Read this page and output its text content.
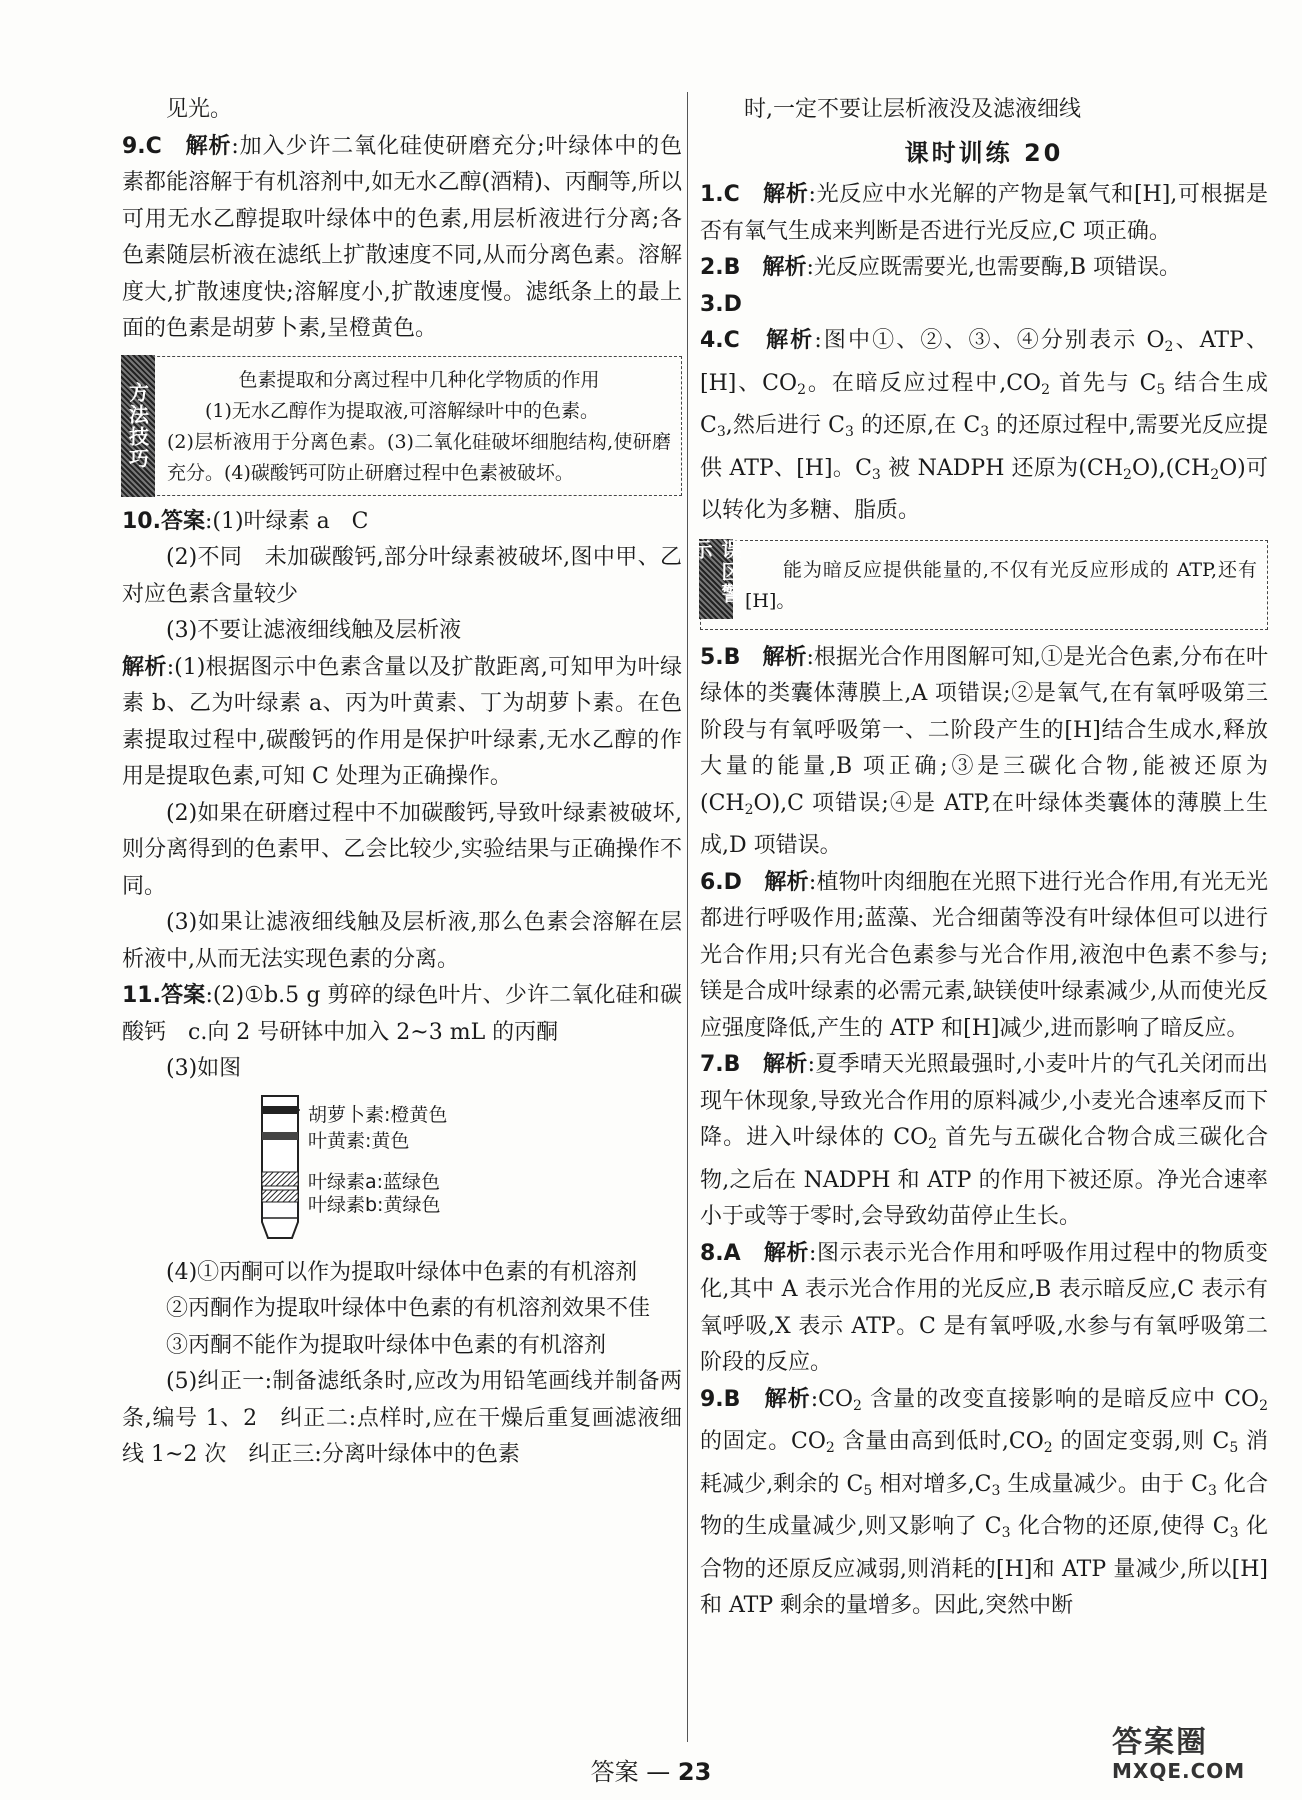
见光。

9.C　 解析:加入少许二氧化硅使研磨充分;叶绿体中的色素都能溶解于有机溶剂中,如无水乙醇(酒精)、丙酮等,所以可用无水乙醇提取叶绿体中的色素,用层析液进行分离;各色素随层析液在滤纸上扩散速度不同,从而分离色素。溶解度大,扩散速度快;溶解度小,扩散速度慢。滤纸条上的最上面的色素是胡萝卜素,呈橙黄色。

方法技巧

色素提取和分离过程中几种化学物质的作用

(1)无水乙醇作为提取液,可溶解绿叶中的色素。

(2)层析液用于分离色素。(3)二氧化硅破坏细胞结构,使研磨充分。(4)碳酸钙可防止研磨过程中色素被破坏。

10.答案:(1)叶绿素 a　C

(2)不同　未加碳酸钙,部分叶绿素被破坏,图中甲、乙对应色素含量较少

(3)不要让滤液细线触及层析液

解析:(1)根据图示中色素含量以及扩散距离,可知甲为叶绿素 b、乙为叶绿素 a、丙为叶黄素、丁为胡萝卜素。在色素提取过程中,碳酸钙的作用是保护叶绿素,无水乙醇的作用是提取色素,可知 C 处理为正确操作。

(2)如果在研磨过程中不加碳酸钙,导致叶绿素被破坏,则分离得到的色素甲、乙会比较少,实验结果与正确操作不同。

(3)如果让滤液细线触及层析液,那么色素会溶解在层析液中,从而无法实现色素的分离。

11.答案:(2)①b.5 g 剪碎的绿色叶片、少许二氧化硅和碳酸钙　c.向 2 号研钵中加入 2~3 mL 的丙酮

(3)如图

胡萝卜素:橙黄色
叶黄素:黄色
叶绿素a:蓝绿色
叶绿素b:黄绿色

(4)①丙酮可以作为提取叶绿体中色素的有机溶剂

②丙酮作为提取叶绿体中色素的有机溶剂效果不佳

③丙酮不能作为提取叶绿体中色素的有机溶剂

(5)纠正一:制备滤纸条时,应改为用铅笔画线并制备两条,编号 1、2　纠正二:点样时,应在干燥后重复画滤液细线 1~2 次　纠正三:分离叶绿体中的色素

时,一定不要让层析液没及滤液细线

课时训练 20

1.C　 解析:光反应中水光解的产物是氧气和[H],可根据是否有氧气生成来判断是否进行光反应,C 项正确。

2.B　 解析:光反应既需要光,也需要酶,B 项错误。

3.D

4.C　 解析:图中①、②、③、④分别表示 $O_2$、ATP、[H]、$CO_2$。在暗反应过程中$,CO_2$ 首先与 $C_5$ 结合生成 $C_3$,然后进行 $C_3$ 的还原,在 $C_3$ 的还原过程中,需要光反应提供 ATP、[H]。$C_3$ 被 NADPH 还原为$(CH_2O),(CH_2O)$可以转化为多糖、脂质。

误区警示

能为暗反应提供能量的,不仅有光反应形成的 ATP,还有[H]。

5.B　 解析:根据光合作用图解可知,①是光合色素,分布在叶绿体的类囊体薄膜上,A 项错误;②是氧气,在有氧呼吸第三阶段与有氧呼吸第一、二阶段产生的[H]结合生成水,释放大量的能量,B 项正确;③是三碳化合物,能被还原为$(CH_2O),C$ 项错误;④是 ATP,在叶绿体类囊体的薄膜上生成,D 项错误。

6.D　 解析:植物叶肉细胞在光照下进行光合作用,有光无光都进行呼吸作用;蓝藻、光合细菌等没有叶绿体但可以进行光合作用;只有光合色素参与光合作用,液泡中色素不参与;镁是合成叶绿素的必需元素,缺镁使叶绿素减少,从而使光反应强度降低,产生的 ATP 和[H]减少,进而影响了暗反应。

7.B　 解析:夏季晴天光照最强时,小麦叶片的气孔关闭而出现午休现象,导致光合作用的原料减少,小麦光合速率反而下降。进入叶绿体的 $CO_2$ 首先与五碳化合物合成三碳化合物,之后在 NADPH 和 ATP 的作用下被还原。净光合速率小于或等于零时,会导致幼苗停止生长。

8.A　 解析:图示表示光合作用和呼吸作用过程中的物质变化,其中 A 表示光合作用的光反应,B 表示暗反应,C 表示有氧呼吸,X 表示 ATP。C 是有氧呼吸,水参与有氧呼吸第二阶段的反应。

9.B　 解析$:CO_2$ 含量的改变直接影响的是暗反应中 $CO_2$ 的固定。$CO_2$ 含量由高到低时$,CO_2$ 的固定变弱,则 $C_5$ 消耗减少,剩余的 $C_5$ 相对增多$,C_3$ 生成量减少。由于 $C_3$ 化合物的生成量减少,则又影响了 $C_3$ 化合物的还原,使得 $C_3$ 化合物的还原反应减弱,则消耗的[H]和 ATP 量减少,所以[H]和 ATP 剩余的量增多。因此,突然中断

答案 — 23
答案圈
MXQE.COM
